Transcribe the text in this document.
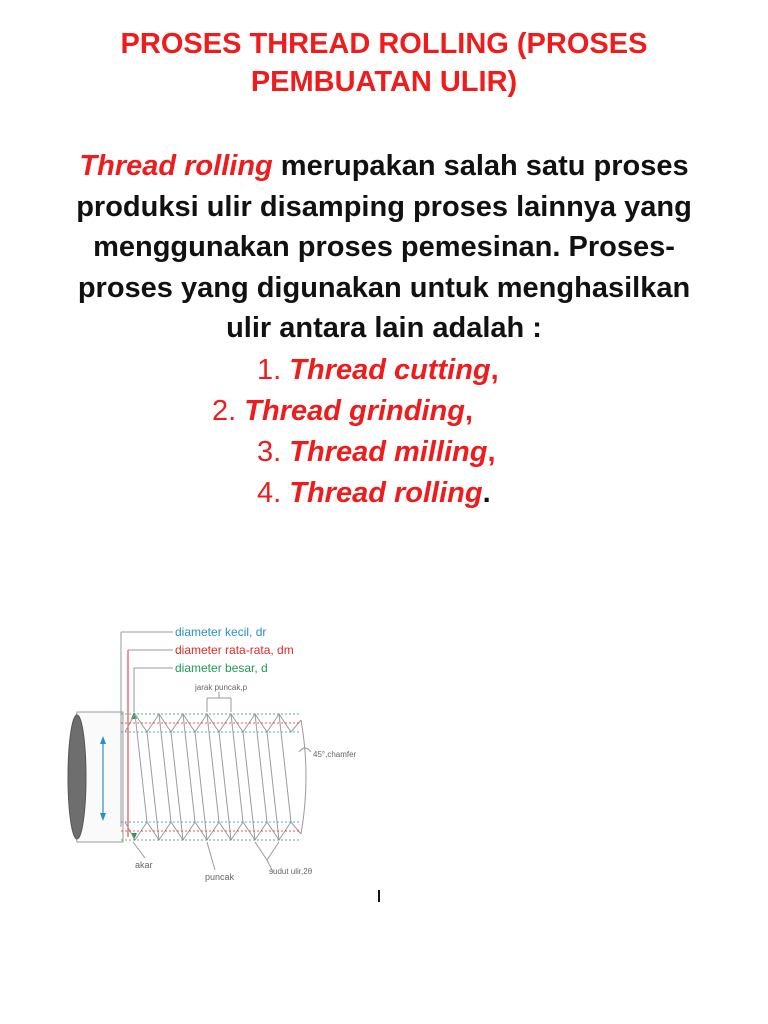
PROSES THREAD ROLLING (PROSES
PEMBUATAN ULIR)
Thread rolling merupakan salah satu proses
produksi ulir disamping proses lainnya yang
menggunakan proses pemesinan. Proses-
proses yang digunakan untuk menghasilkan
ulir antara lain adalah :
1. Thread cutting,
2. Thread grinding,
3. Thread milling,
4. Thread rolling.
diameter kecil, dr
diameter rata-rata, dm
diameter besar, d
jarak puncak,p
45°,chamfer
akar
puncak
sudut ulir,2θ
